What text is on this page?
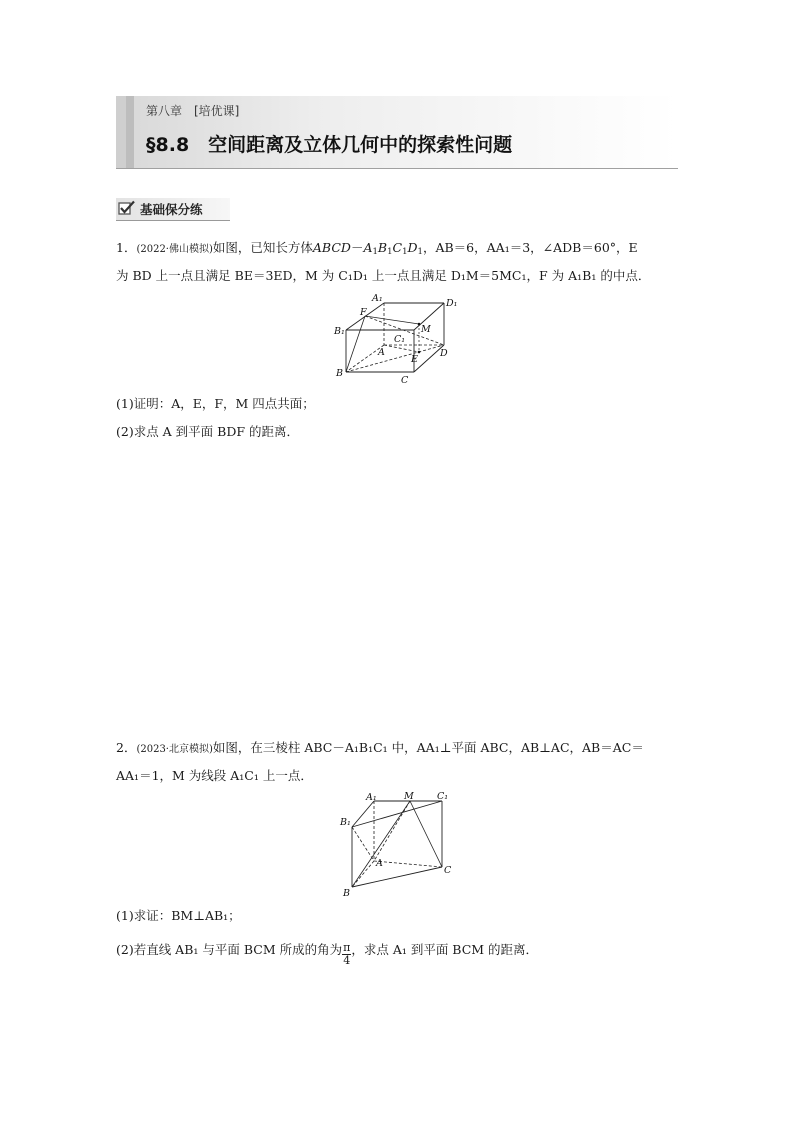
第八章　[培优课]
§8.8　空间距离及立体几何中的探索性问题
基础保分练
1．(2022·佛山模拟)如图，已知长方体$ABCD-A_1B_1C_1D_1$，AB＝6，AA₁＝3，∠ADB＝60°，E
为 BD 上一点且满足 BE＝3ED，M 为 C₁D₁ 上一点且满足 D₁M＝5MC₁，F 为 A₁B₁ 的中点．
A₁	D₁
B₁
F
M
C₁
A	D
E
B
C
(1)证明：A，E，F，M 四点共面；
(2)求点 A 到平面 BDF 的距离．
2．(2023·北京模拟)如图，在三棱柱 ABC－A₁B₁C₁ 中，AA₁⊥平面 ABC，AB⊥AC，AB＝AC＝
AA₁＝1，M 为线段 A₁C₁ 上一点．
A₁	M C₁
B₁
A
C
B
(1)求证：BM⊥AB₁；
(2)若直线 AB₁ 与平面 BCM 所成的角为 $\frac{\pi}{4}$ ，求点 A₁ 到平面 BCM 的距离．
